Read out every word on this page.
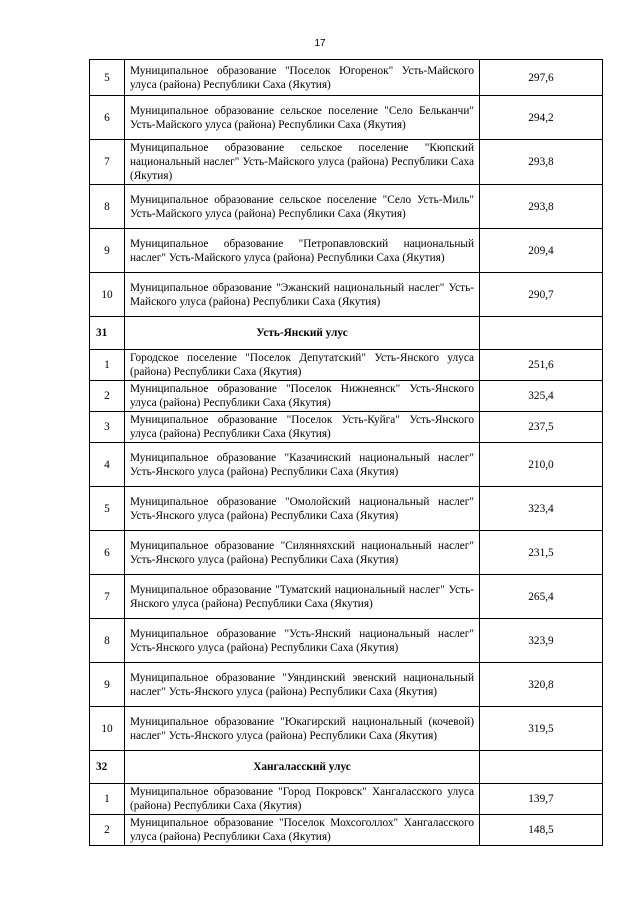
17
5	Муниципальное образование "Поселок Югоренок" Усть-Майского улуса (района) Республики Саха (Якутия)	297,6
6	Муниципальное образование сельское поселение "Село Бельканчи" Усть-Майского улуса (района) Республики Саха (Якутия)	294,2
7	Муниципальное образование сельское поселение "Кюпский национальный наслег" Усть-Майского улуса (района) Республики Саха (Якутия)	293,8
8	Муниципальное образование сельское поселение "Село Усть-Миль" Усть-Майского улуса (района) Республики Саха (Якутия)	293,8
9	Муниципальное образование "Петропавловский национальный наслег" Усть-Майского улуса (района) Республики Саха (Якутия)	209,4
10	Муниципальное образование "Эжанский национальный наслег" Усть-Майского улуса (района) Республики Саха (Якутия)	290,7
31	Усть-Янский улус	
1	Городское поселение "Поселок Депутатский" Усть-Янского улуса (района) Республики Саха (Якутия)	251,6
2	Муниципальное образование "Поселок Нижнеянск" Усть-Янского улуса (района) Республики Саха (Якутия)	325,4
3	Муниципальное образование "Поселок Усть-Куйга" Усть-Янского улуса (района) Республики Саха (Якутия)	237,5
4	Муниципальное образование "Казачинский национальный наслег" Усть-Янского улуса (района) Республики Саха (Якутия)	210,0
5	Муниципальное образование "Омолойский национальный наслег" Усть-Янского улуса (района) Республики Саха (Якутия)	323,4
6	Муниципальное образование "Силянняхский национальный наслег" Усть-Янского улуса (района) Республики Саха (Якутия)	231,5
7	Муниципальное образование "Туматский национальный наслег" Усть-Янского улуса (района) Республики Саха (Якутия)	265,4
8	Муниципальное образование "Усть-Янский национальный наслег" Усть-Янского улуса (района) Республики Саха (Якутия)	323,9
9	Муниципальное образование "Уяндинский эвенский национальный наслег" Усть-Янского улуса (района) Республики Саха (Якутия)	320,8
10	Муниципальное образование "Юкагирский национальный (кочевой) наслег" Усть-Янского улуса (района) Республики Саха (Якутия)	319,5
32	Хангаласский улус	
1	Муниципальное образование "Город Покровск" Хангаласского улуса (района) Республики Саха (Якутия)	139,7
2	Муниципальное образование "Поселок Мохсоголлох" Хангаласского улуса (района) Республики Саха (Якутия)	148,5
